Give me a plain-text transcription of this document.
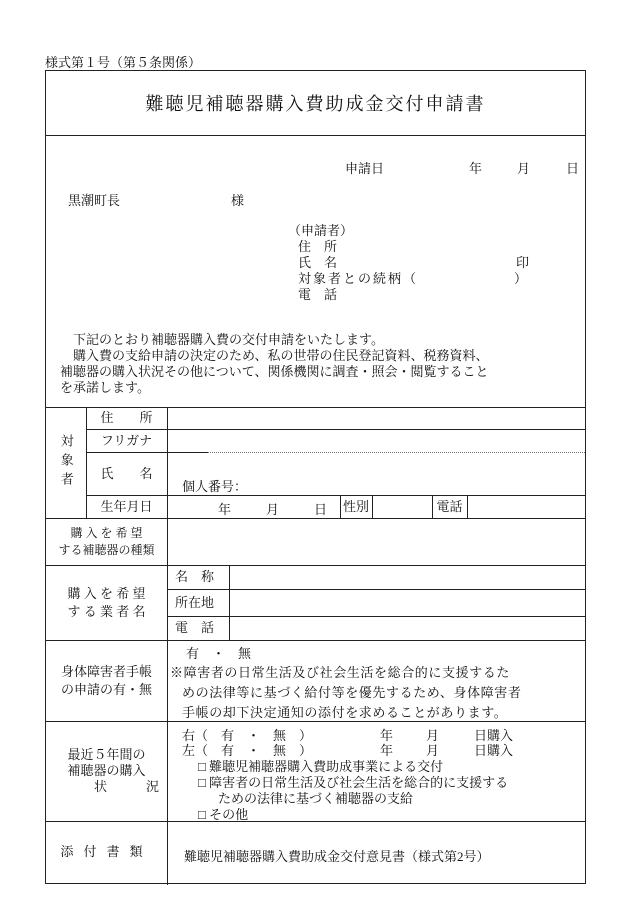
様式第１号（第５条関係）
難聴児補聴器購入費助成金交付申請書
申請日	年	月	日
黒潮町長	様
（申請者）
住　所
氏　名	印
対象者との続柄（	）
電　話
　下記のとおり補聴器購入費の交付申請をいたします。
　購入費の支給申請の決定のため、私の世帯の住民登記資料、税務資料、
補聴器の購入状況その他について、関係機関に調査・照会・閲覧すること
を承諾します。
対象者
住　　所
フリガナ
氏　　名
個人番号：
生年月日	年	月	日 性別	電話
購 入 を 希 望
する補聴器の種類
購 入 を 希 望
す る 業 者 名
名　称
所在地
電　話
身体障害者手帳
の申請の有・無
有　・　無
※障害者の日常生活及び社会生活を総合的に支援するた
めの法律等に基づく給付等を優先するため、身体障害者
手帳の却下決定通知の添付を求めることがあります。
最近５年間の
補聴器の購入
状　　　況
右（　有　・　無　）	年	月	日購入
左（　有　・　無　）	年	月	日購入
□ 難聴児補聴器購入費助成事業による交付
□ 障害者の日常生活及び社会生活を総合的に支援する
ための法律に基づく補聴器の支給
□ その他
添付書類	難聴児補聴器購入費助成金交付意見書（様式第2号）
